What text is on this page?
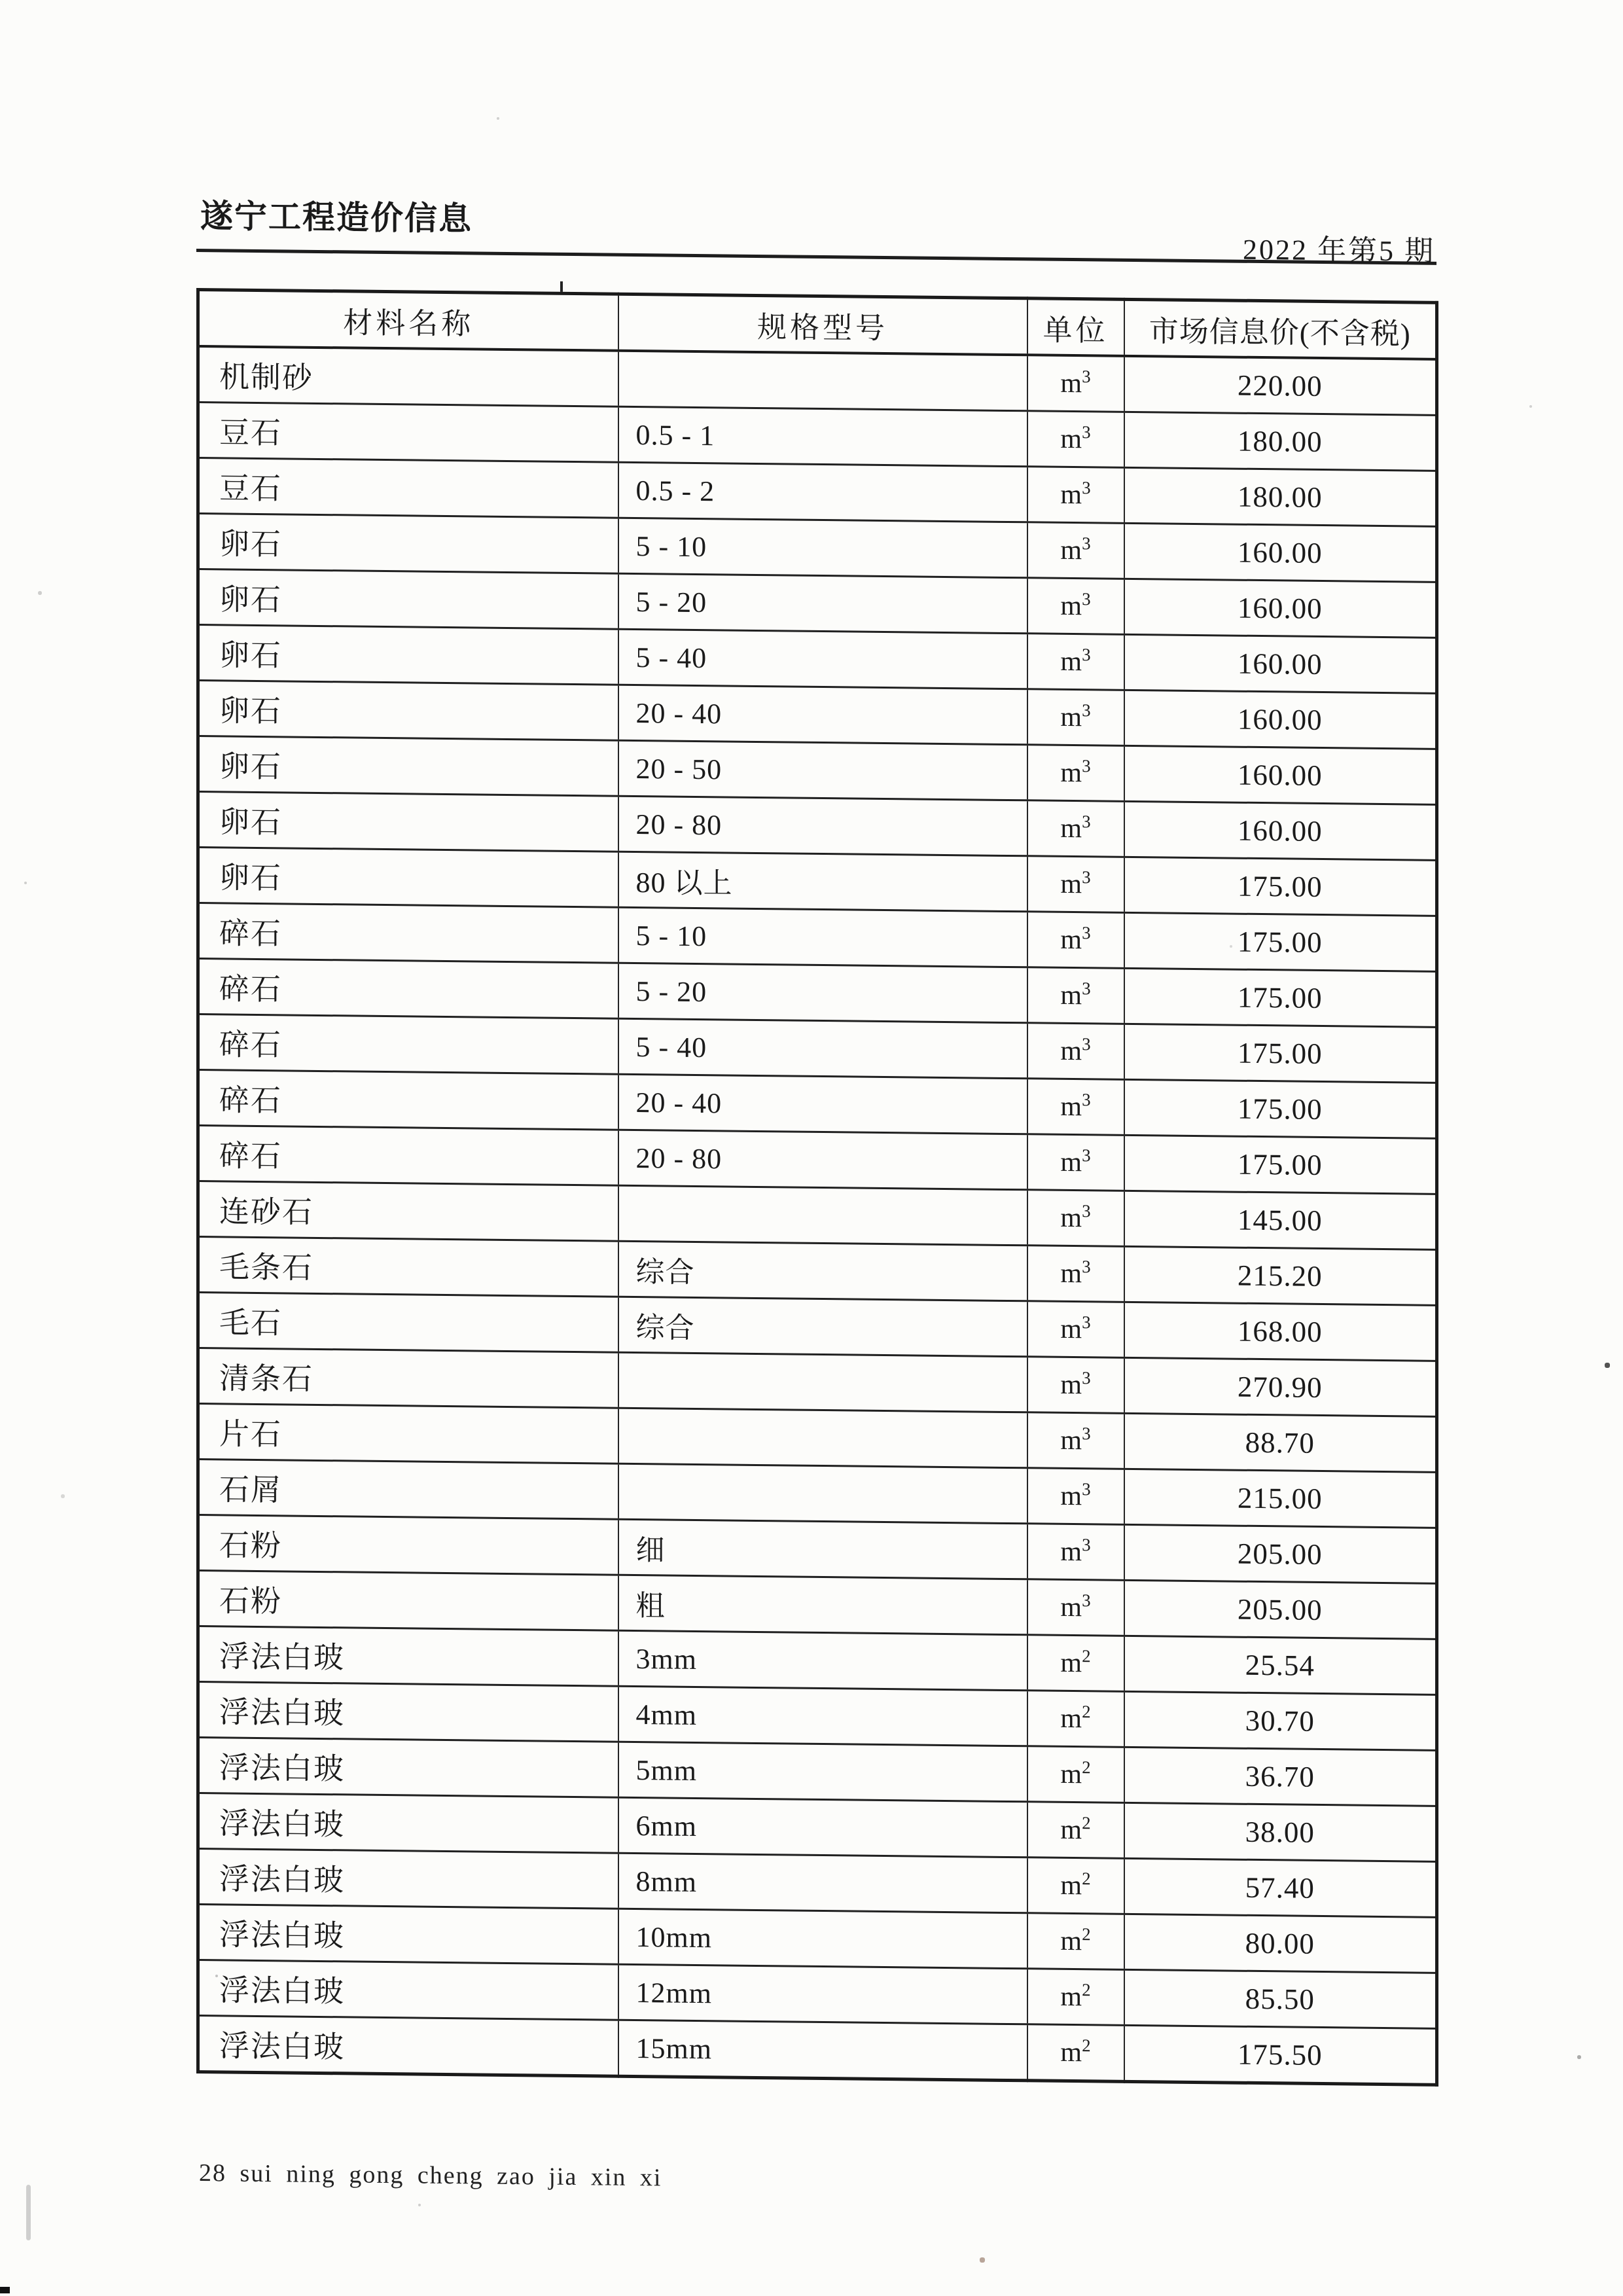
遂宁工程造价信息
2022 年第5 期
材料名称	规格型号	单位	市场信息价(不含税)
机制砂		$m^3$	220.00
豆石	0.5 - 1	$m^3$	180.00
豆石	0.5 - 2	$m^3$	180.00
卵石	5 - 10	$m^3$	160.00
卵石	5 - 20	$m^3$	160.00
卵石	5 - 40	$m^3$	160.00
卵石	20 - 40	$m^3$	160.00
卵石	20 - 50	$m^3$	160.00
卵石	20 - 80	$m^3$	160.00
卵石	80 以上	$m^3$	175.00
碎石	5 - 10	$m^3$	175.00
碎石	5 - 20	$m^3$	175.00
碎石	5 - 40	$m^3$	175.00
碎石	20 - 40	$m^3$	175.00
碎石	20 - 80	$m^3$	175.00
连砂石		$m^3$	145.00
毛条石	综合	$m^3$	215.20
毛石	综合	$m^3$	168.00
清条石		$m^3$	270.90
片石		$m^3$	88.70
石屑		$m^3$	215.00
石粉	细	$m^3$	205.00
石粉	粗	$m^3$	205.00
浮法白玻	3mm	$m^2$	25.54
浮法白玻	4mm	$m^2$	30.70
浮法白玻	5mm	$m^2$	36.70
浮法白玻	6mm	$m^2$	38.00
浮法白玻	8mm	$m^2$	57.40
浮法白玻	10mm	$m^2$	80.00
浮法白玻	12mm	$m^2$	85.50
浮法白玻	15mm	$m^2$	175.50
28 sui ning gong cheng zao jia xin xi
